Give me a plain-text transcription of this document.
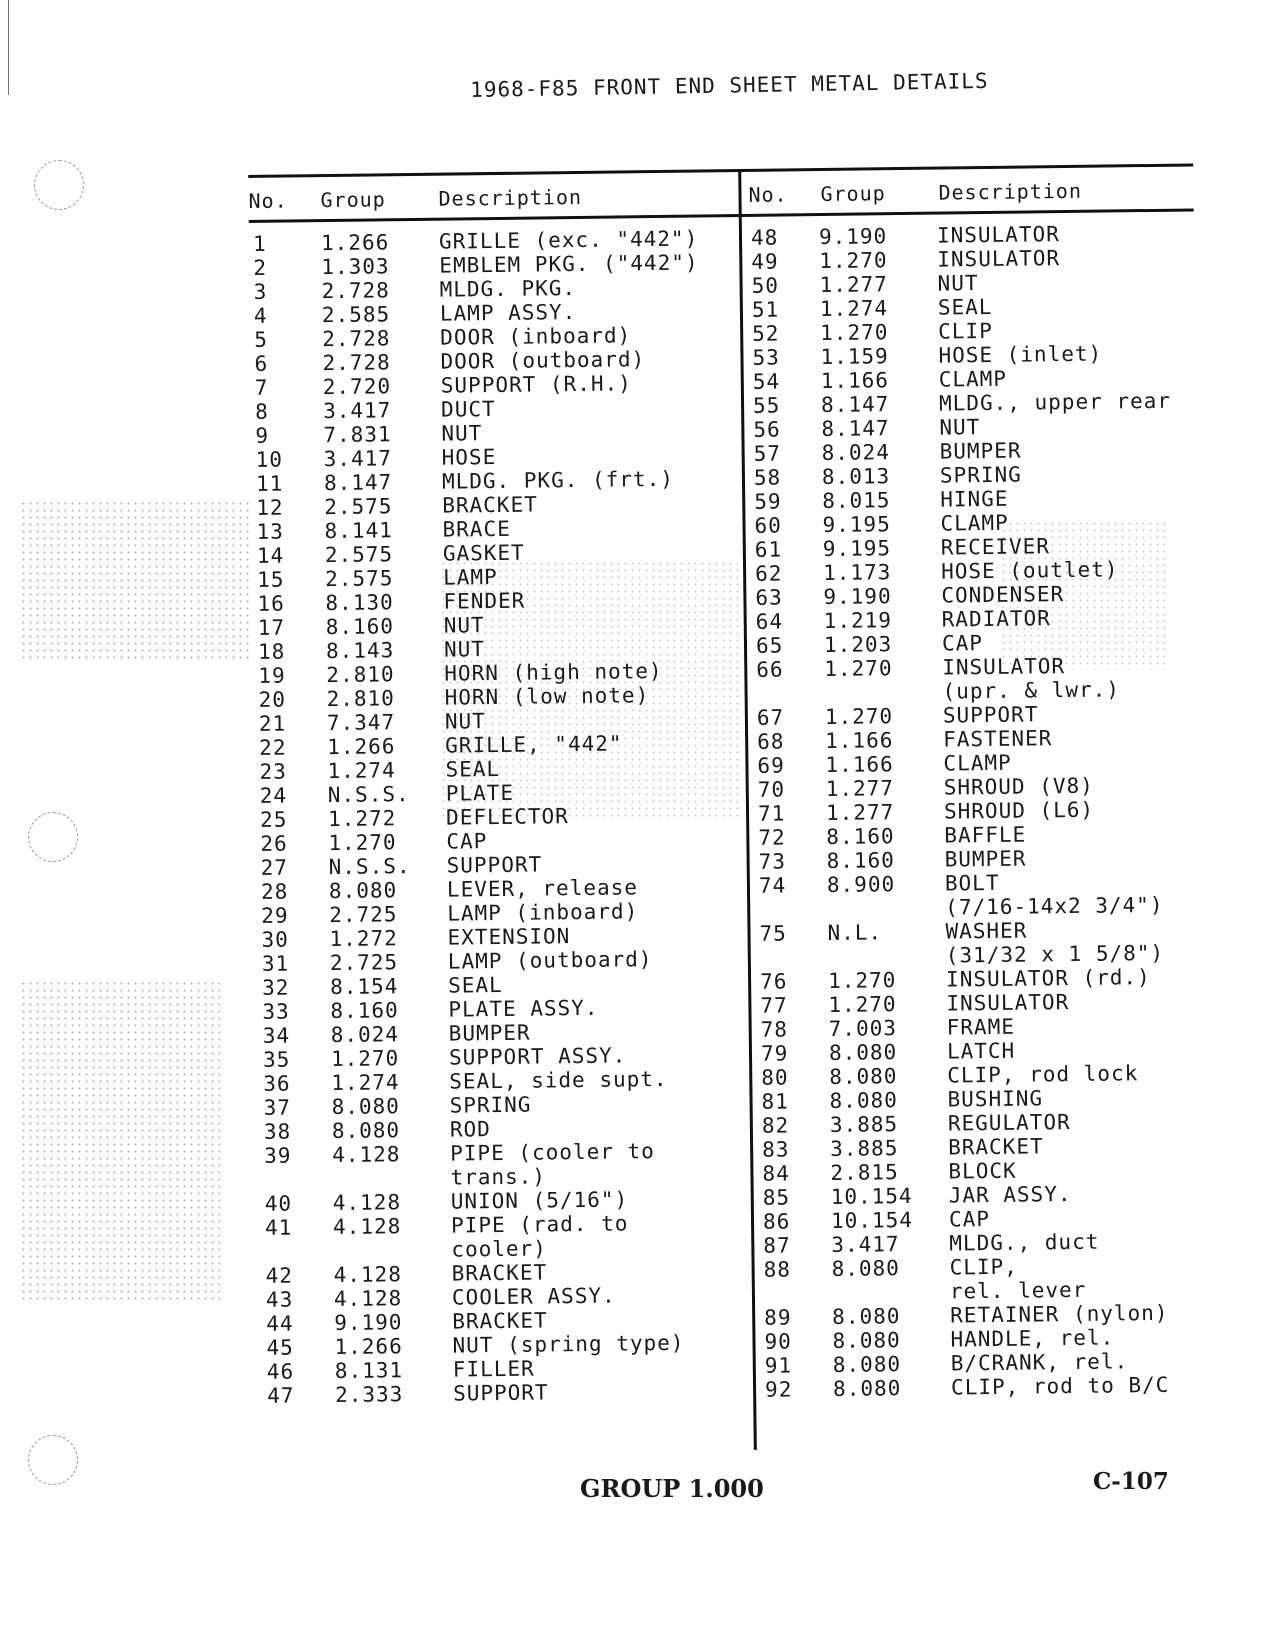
1968-F85 FRONT END SHEET METAL DETAILS
No.	Group	Description	No.	Group	Description
1	1.266	GRILLE (exc. "442")
2	1.303	EMBLEM PKG. ("442")
3	2.728	MLDG. PKG.
4	2.585	LAMP ASSY.
5	2.728	DOOR (inboard)
6	2.728	DOOR (outboard)
7	2.720	SUPPORT (R.H.)
8	3.417	DUCT
9	7.831	NUT
10	3.417	HOSE
11	8.147	MLDG. PKG. (frt.)
12	2.575	BRACKET
13	8.141	BRACE
14	2.575	GASKET
15	2.575	LAMP
16	8.130	FENDER
17	8.160	NUT
18	8.143	NUT
19	2.810	HORN (high note)
20	2.810	HORN (low note)
21	7.347	NUT
22	1.266	GRILLE, "442"
23	1.274	SEAL
24	N.S.S.	PLATE
25	1.272	DEFLECTOR
26	1.270	CAP
27	N.S.S.	SUPPORT
28	8.080	LEVER, release
29	2.725	LAMP (inboard)
30	1.272	EXTENSION
31	2.725	LAMP (outboard)
32	8.154	SEAL
33	8.160	PLATE ASSY.
34	8.024	BUMPER
35	1.270	SUPPORT ASSY.
36	1.274	SEAL, side supt.
37	8.080	SPRING
38	8.080	ROD
39	4.128	PIPE (cooler to
trans.)
40	4.128	UNION (5/16")
41	4.128	PIPE (rad. to
cooler)
42	4.128	BRACKET
43	4.128	COOLER ASSY.
44	9.190	BRACKET
45	1.266	NUT (spring type)
46	8.131	FILLER
47	2.333	SUPPORT
48	9.190	INSULATOR
49	1.270	INSULATOR
50	1.277	NUT
51	1.274	SEAL
52	1.270	CLIP
53	1.159	HOSE (inlet)
54	1.166	CLAMP
55	8.147	MLDG., upper rear
56	8.147	NUT
57	8.024	BUMPER
58	8.013	SPRING
59	8.015	HINGE
60	9.195	CLAMP
61	9.195	RECEIVER
62	1.173	HOSE (outlet)
63	9.190	CONDENSER
64	1.219	RADIATOR
65	1.203	CAP
66	1.270	INSULATOR
(upr. & lwr.)
67	1.270	SUPPORT
68	1.166	FASTENER
69	1.166	CLAMP
70	1.277	SHROUD (V8)
71	1.277	SHROUD (L6)
72	8.160	BAFFLE
73	8.160	BUMPER
74	8.900	BOLT
(7/16-14x2 3/4")
75	N.L.	WASHER
(31/32 x 1 5/8")
76	1.270	INSULATOR (rd.)
77	1.270	INSULATOR
78	7.003	FRAME
79	8.080	LATCH
80	8.080	CLIP, rod lock
81	8.080	BUSHING
82	3.885	REGULATOR
83	3.885	BRACKET
84	2.815	BLOCK
85	10.154	JAR ASSY.
86	10.154	CAP
87	3.417	MLDG., duct
88	8.080	CLIP,
rel. lever
89	8.080	RETAINER (nylon)
90	8.080	HANDLE, rel.
91	8.080	B/CRANK, rel.
92	8.080	CLIP, rod to B/C
GROUP 1.000	C-107
